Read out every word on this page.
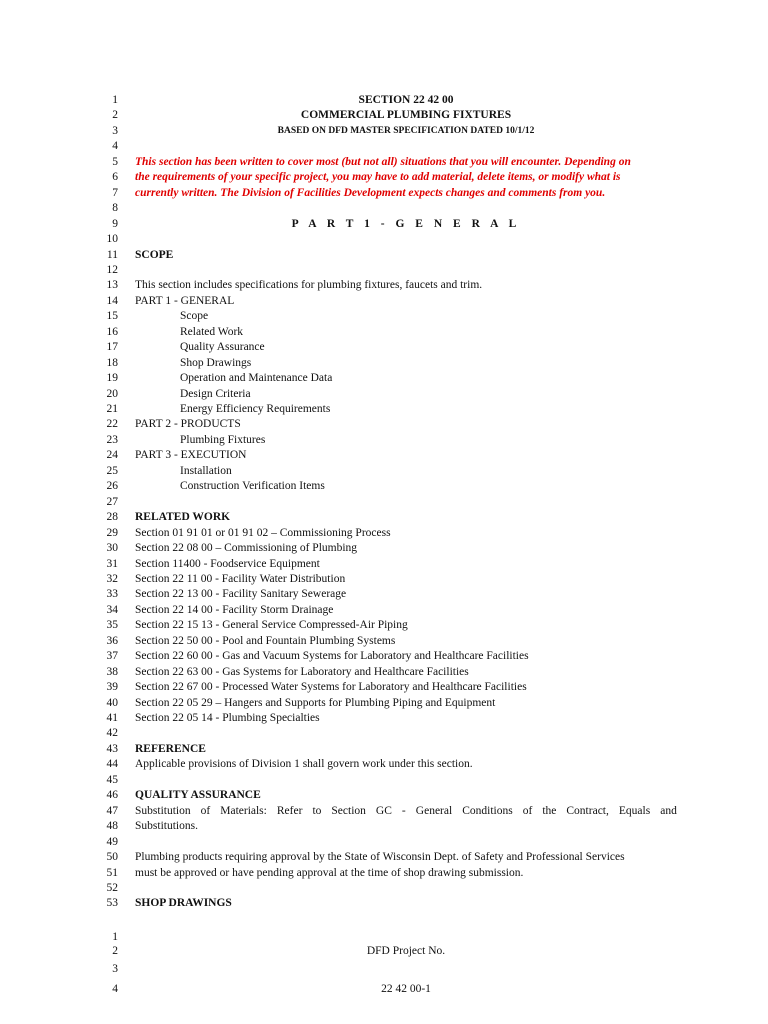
1	SECTION 22 42 00
2	COMMERCIAL PLUMBING FIXTURES
3	BASED ON DFD MASTER SPECIFICATION DATED 10/1/12
4
5 This section has been written to cover most (but not all) situations that you will encounter. Depending on
6 the requirements of your specific project, you may have to add material, delete items, or modify what is
7 currently written. The Division of Facilities Development expects changes and comments from you.
8
9	P A R T 1 - G E N E R A L
10
11 SCOPE
12
13 This section includes specifications for plumbing fixtures, faucets and trim.
14 PART 1 - GENERAL
15	Scope
16	Related Work
17	Quality Assurance
18	Shop Drawings
19	Operation and Maintenance Data
20	Design Criteria
21	Energy Efficiency Requirements
22 PART 2 - PRODUCTS
23	Plumbing Fixtures
24 PART 3 - EXECUTION
25	Installation
26	Construction Verification Items
27
28 RELATED WORK
29 Section 01 91 01 or 01 91 02 – Commissioning Process
30 Section 22 08 00 – Commissioning of Plumbing
31 Section 11400 - Foodservice Equipment
32 Section 22 11 00 - Facility Water Distribution
33 Section 22 13 00 - Facility Sanitary Sewerage
34 Section 22 14 00 - Facility Storm Drainage
35 Section 22 15 13 - General Service Compressed-Air Piping
36 Section 22 50 00 - Pool and Fountain Plumbing Systems
37 Section 22 60 00 - Gas and Vacuum Systems for Laboratory and Healthcare Facilities
38 Section 22 63 00 - Gas Systems for Laboratory and Healthcare Facilities
39 Section 22 67 00 - Processed Water Systems for Laboratory and Healthcare Facilities
40 Section 22 05 29 – Hangers and Supports for Plumbing Piping and Equipment
41 Section 22 05 14 - Plumbing Specialties
42
43 REFERENCE
44 Applicable provisions of Division 1 shall govern work under this section.
45
46 QUALITY ASSURANCE
47 Substitution of Materials: Refer to Section GC - General Conditions of the Contract, Equals and
48 Substitutions.
49
50 Plumbing products requiring approval by the State of Wisconsin Dept. of Safety and Professional Services
51 must be approved or have pending approval at the time of shop drawing submission.
52
53 SHOP DRAWINGS
1
2	DFD Project No.
3
4	22 42 00-1
